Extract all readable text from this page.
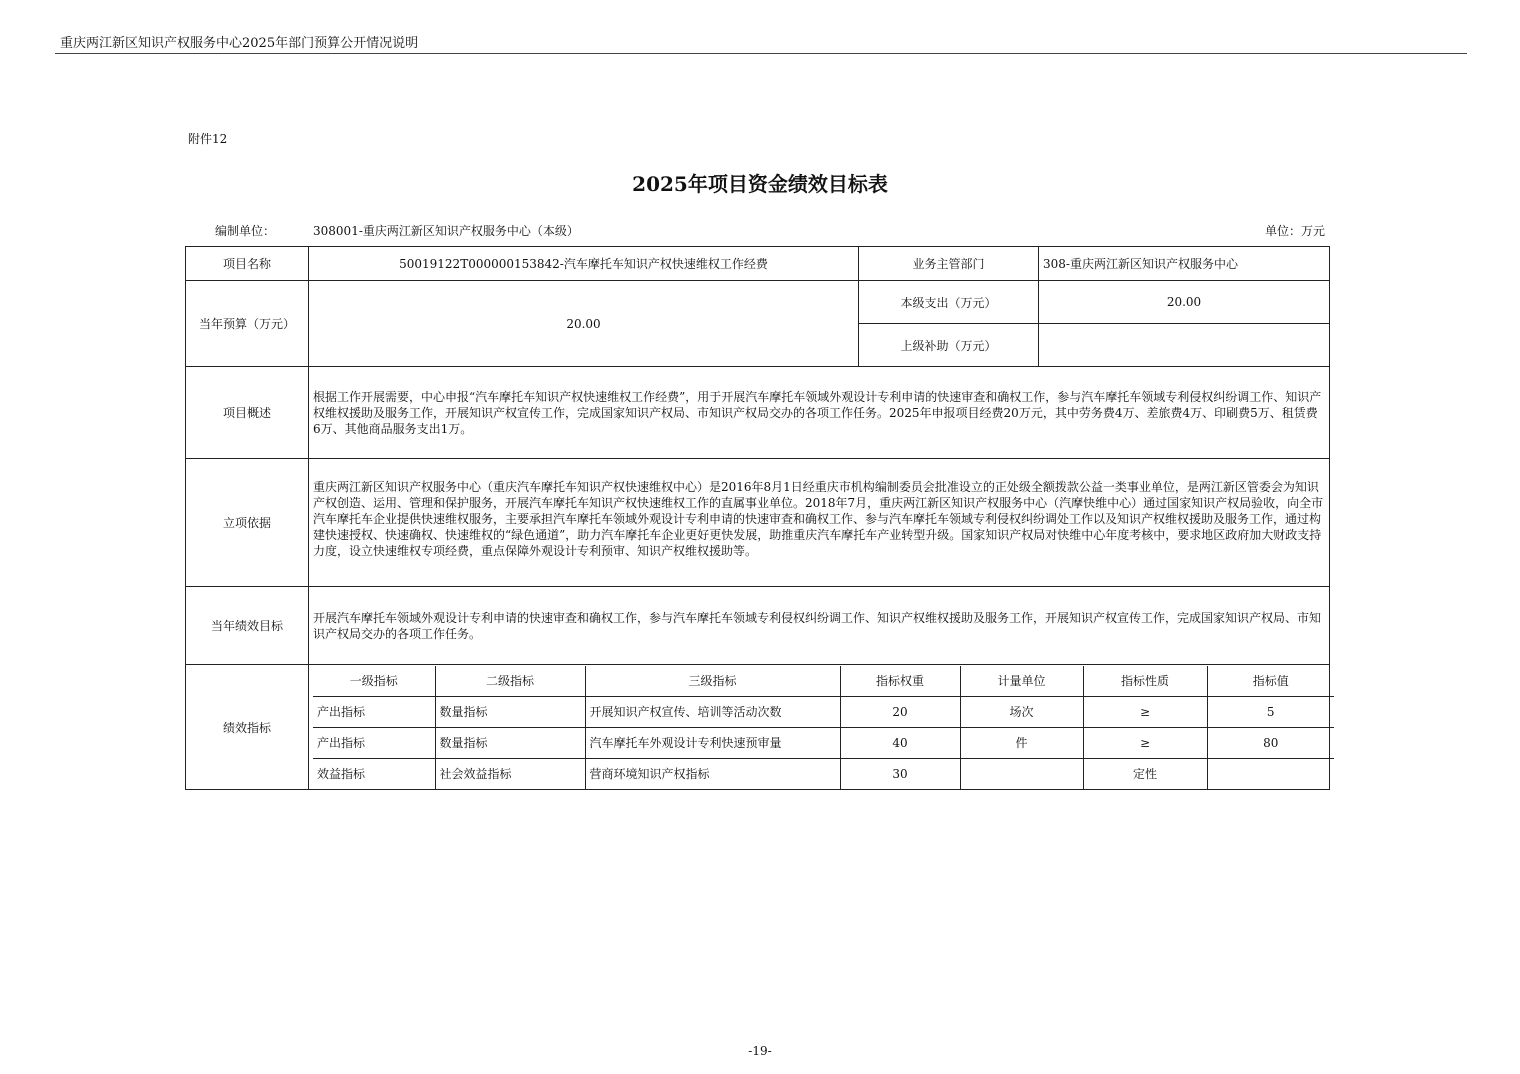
重庆两江新区知识产权服务中心2025年部门预算公开情况说明
附件12
2025年项目资金绩效目标表
编制单位：	308001-重庆两江新区知识产权服务中心（本级）	单位：万元
项目名称	50019122T000000153842-汽车摩托车知识产权快速维权工作经费	业务主管部门	308-重庆两江新区知识产权服务中心
当年预算（万元）	20.00	本级支出（万元）	20.00
上级补助（万元）	
项目概述	根据工作开展需要，中心申报“汽车摩托车知识产权快速维权工作经费”，用于开展汽车摩托车领域外观设计专利申请的快速审查和确权工作，参与汽车摩托车领域专利侵权纠纷调工作、知识产权维权援助及服务工作，开展知识产权宣传工作，完成国家知识产权局、市知识产权局交办的各项工作任务。2025年申报项目经费20万元，其中劳务费4万、差旅费4万、印刷费5万、租赁费6万、其他商品服务支出1万。
立项依据	重庆两江新区知识产权服务中心（重庆汽车摩托车知识产权快速维权中心）是2016年8月1日经重庆市机构编制委员会批准设立的正处级全额拨款公益一类事业单位，是两江新区管委会为知识产权创造、运用、管理和保护服务，开展汽车摩托车知识产权快速维权工作的直属事业单位。2018年7月，重庆两江新区知识产权服务中心（汽摩快维中心）通过国家知识产权局验收，向全市汽车摩托车企业提供快速维权服务，主要承担汽车摩托车领域外观设计专利申请的快速审查和确权工作、参与汽车摩托车领域专利侵权纠纷调处工作以及知识产权维权援助及服务工作，通过构建快速授权、快速确权、快速维权的“绿色通道”，助力汽车摩托车企业更好更快发展，助推重庆汽车摩托车产业转型升级。国家知识产权局对快维中心年度考核中，要求地区政府加大财政支持力度，设立快速维权专项经费，重点保障外观设计专利预审、知识产权维权援助等。
当年绩效目标	开展汽车摩托车领域外观设计专利申请的快速审查和确权工作，参与汽车摩托车领域专利侵权纠纷调工作、知识产权维权援助及服务工作，开展知识产权宣传工作，完成国家知识产权局、市知识产权局交办的各项工作任务。
绩效指标	
一级指标	二级指标	三级指标	指标权重	计量单位	指标性质	指标值
产出指标	数量指标	开展知识产权宣传、培训等活动次数	20	场次	≥	5
产出指标	数量指标	汽车摩托车外观设计专利快速预审量	40	件	≥	80
效益指标	社会效益指标	营商环境知识产权指标	30		定性	
-19-
